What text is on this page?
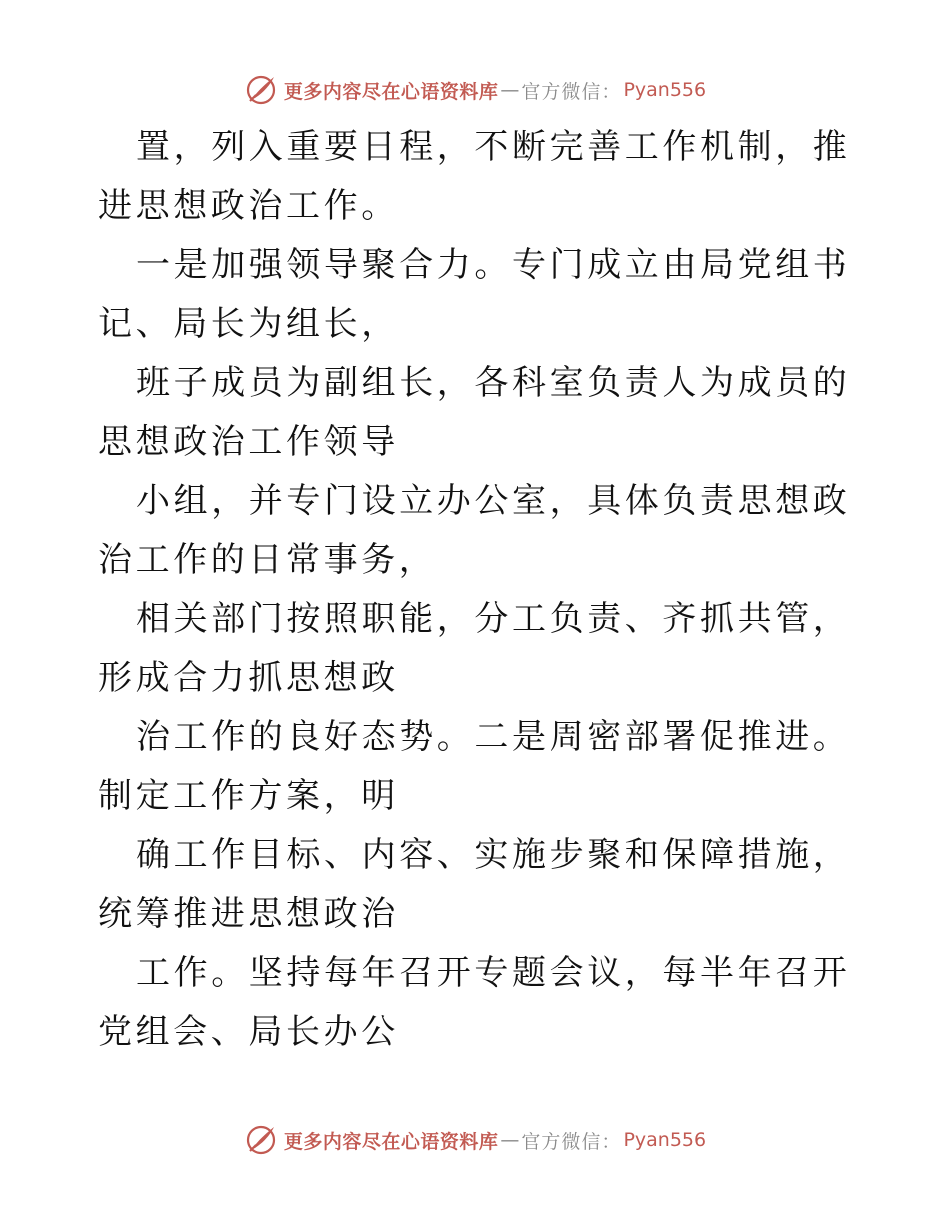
更多内容尽在心语资料库 — 官方微信： Pyan556

置，列入重要日程，不断完善工作机制，推进思想政治工作。

一是加强领导聚合力。专门成立由局党组书记、局长为组长，

班子成员为副组长，各科室负责人为成员的思想政治工作领导

小组，并专门设立办公室，具体负责思想政治工作的日常事务，

相关部门按照职能，分工负责、齐抓共管，形成合力抓思想政

治工作的良好态势。二是周密部署促推进。制定工作方案，明

确工作目标、内容、实施步聚和保障措施，统筹推进思想政治

工作。坚持每年召开专题会议，每半年召开党组会、局长办公

更多内容尽在心语资料库 — 官方微信： Pyan556
